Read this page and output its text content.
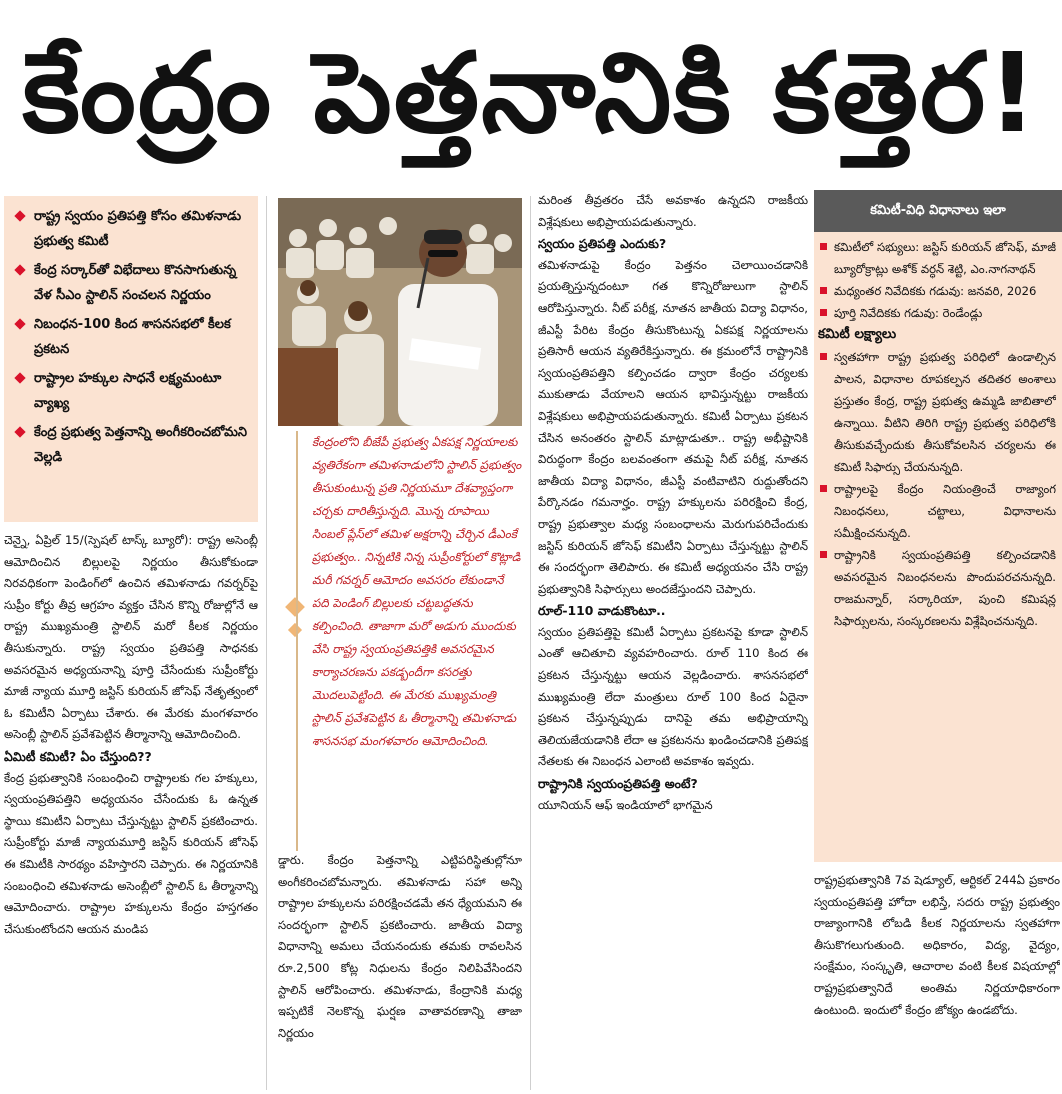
కేంద్రం పెత్తనానికి కత్తెర!
రాష్ట్ర స్వయం ప్రతిపత్తి కోసం తమిళనాడు ప్రభుత్వ కమిటీ
కేంద్ర సర్కార్‌తో విభేదాలు కొనసాగుతున్న వేళ సీఎం స్టాలిన్ సంచలన నిర్ణయం
నిబంధన-100 కింద శాసనసభలో కీలక ప్రకటన
రాష్ట్రాల హక్కుల సాధనే లక్ష్యమంటూ వ్యాఖ్య
కేంద్ర ప్రభుత్వ పెత్తనాన్ని అంగీకరించబోమని వెల్లడి

చెన్నై, ఏప్రిల్ 15/(స్పెషల్ టాస్క్ బ్యూరో): రాష్ట్ర అసెంబ్లీ ఆమోదించిన బిల్లులపై నిర్ణయం తీసుకోకుండా నిరవధికంగా పెండింగ్‌లో ఉంచిన తమిళనాడు గవర్నర్‌పై సుప్రీం కోర్టు తీవ్ర ఆగ్రహం వ్యక్తం చేసిన కొన్ని రోజుల్లోనే ఆ రాష్ట్ర ముఖ్యమంత్రి స్టాలిన్ మరో కీలక నిర్ణయం తీసుకున్నారు. రాష్ట్ర స్వయం ప్రతిపత్తి సాధనకు అవసరమైన అధ్యయనాన్ని పూర్తి చేసేందుకు సుప్రీంకోర్టు మాజీ న్యాయ మూర్తి జస్టిస్ కురియన్ జోసెఫ్ నేతృత్వంలో ఓ కమిటీని ఏర్పాటు చేశారు. ఈ మేరకు మంగళవారం అసెంబ్లీ స్టాలిన్ ప్రవేశపెట్టిన తీర్మానాన్ని ఆమోదించింది.

ఏమిటీ కమిటీ? ఏం చేస్తుంది??

కేంద్ర ప్రభుత్వానికి సంబంధించి రాష్ట్రాలకు గల హక్కులు, స్వయంప్రతిపత్తిని అధ్యయనం చేసేందుకు ఓ ఉన్నత స్థాయి కమిటీని ఏర్పాటు చేస్తున్నట్టు స్టాలిన్ ప్రకటించారు. సుప్రీంకోర్టు మాజీ న్యాయమూర్తి జస్టిస్ కురియన్ జోసెఫ్ ఈ కమిటీకి సారథ్యం వహిస్తారని చెప్పారు. ఈ నిర్ణయానికి సంబంధించి తమిళనాడు అసెంబ్లీలో స్టాలిన్ ఓ తీర్మానాన్ని ఆమోదించారు. రాష్ట్రాల హక్కులను కేంద్రం హస్తగతం చేసుకుంటోందని ఆయన మండిప

కేంద్రంలోని బీజేపీ ప్రభుత్వ ఏకపక్ష నిర్ణయాలకు వ్యతిరేకంగా తమిళనాడులోని స్టాలిన్ ప్రభుత్వం తీసుకుంటున్న ప్రతి నిర్ణయమూ దేశవ్యాప్తంగా చర్చకు దారితీస్తున్నది. మొన్న రూపాయి సింబల్ ప్లేస్‌లో తమిళ అక్షరాన్ని చేర్చిన డీఎంకే ప్రభుత్వం.. నిన్నటికి నిన్న సుప్రీంకోర్టులో కొట్లాడి మరీ గవర్నర్ ఆమోదం అవసరం లేకుండానే పది పెండింగ్ బిల్లులకు చట్టబద్ధతను కల్పించింది. తాజాగా మరో అడుగు ముందుకు వేసి రాష్ట్ర స్వయంప్రతిపత్తికి అవసరమైన కార్యాచరణను పకడ్బందీగా కసరత్తు మొదలుపెట్టింది. ఈ మేరకు ముఖ్యమంత్రి స్టాలిన్ ప్రవేశపెట్టిన ఓ తీర్మానాన్ని తమిళనాడు శాసనసభ మంగళవారం ఆమోదించింది.

డ్డారు. కేంద్రం పెత్తనాన్ని ఎట్టిపరిస్థితుల్లోనూ అంగీకరించబోమన్నారు. తమిళనాడు సహా అన్ని రాష్ట్రాల హక్కులను పరిరక్షించడమే తన ధ్యేయమని ఈ సందర్భంగా స్టాలిన్ ప్రకటించారు. జాతీయ విద్యా విధానాన్ని అమలు చేయనందుకు తమకు రావలసిన రూ.2,500 కోట్ల నిధులను కేంద్రం నిలిపివేసిందని స్టాలిన్ ఆరోపించారు. తమిళనాడు, కేంద్రానికి మధ్య ఇప్పటికే నెలకొన్న ఘర్షణ వాతావరణాన్ని తాజా నిర్ణయం

మరింత తీవ్రతరం చేసే అవకాశం ఉన్నదని రాజకీయ విశ్లేషకులు అభిప్రాయపడుతున్నారు.

స్వయం ప్రతిపత్తి ఎందుకు?

తమిళనాడుపై కేంద్రం పెత్తనం చెలాయించడానికి ప్రయత్నిస్తున్నదంటూ గత కొన్నిరోజులుగా స్టాలిన్ ఆరోపిస్తున్నారు. నీట్ పరీక్ష, నూతన జాతీయ విద్యా విధానం, జీఎస్టీ పేరిట కేంద్రం తీసుకొంటున్న ఏకపక్ష నిర్ణయాలను ప్రతిసారీ ఆయన వ్యతిరేకిస్తున్నారు. ఈ క్రమంలోనే రాష్ట్రానికి స్వయంప్రతిపత్తిని కల్పించడం ద్వారా కేంద్రం చర్యలకు ముకుతాడు వేయాలని ఆయన భావిస్తున్నట్టు రాజకీయ విశ్లేషకులు అభిప్రాయపడుతున్నారు. కమిటీ ఏర్పాటు ప్రకటన చేసిన అనంతరం స్టాలిన్ మాట్లాడుతూ.. రాష్ట్ర అభీష్టానికి విరుద్ధంగా కేంద్రం బలవంతంగా తమపై నీట్ పరీక్ష, నూతన జాతీయ విద్యా విధానం, జీఎస్టీ వంటివాటిని రుద్దుతోందని పేర్కొనడం గమనార్హం. రాష్ట్ర హక్కులను పరిరక్షించి కేంద్ర, రాష్ట్ర ప్రభుత్వాల మధ్య సంబంధాలను మెరుగుపరిచేందుకు జస్టిస్ కురియన్ జోసెఫ్ కమిటీని ఏర్పాటు చేస్తున్నట్టు స్టాలిన్ ఈ సందర్భంగా తెలిపారు. ఈ కమిటీ అధ్యయనం చేసి రాష్ట్ర ప్రభుత్వానికి సిఫార్సులు అందజేస్తుందని చెప్పారు.

రూల్-110 వాడుకొంటూ..

స్వయం ప్రతిపత్తిపై కమిటీ ఏర్పాటు ప్రకటనపై కూడా స్టాలిన్ ఎంతో ఆచితూచి వ్యవహరించారు. రూల్ 110 కింద ఈ ప్రకటన చేస్తున్నట్టు ఆయన వెల్లడించారు. శాసనసభలో ముఖ్యమంత్రి లేదా మంత్రులు రూల్ 100 కింద ఏదైనా ప్రకటన చేస్తున్నప్పుడు దానిపై తమ అభిప్రాయాన్ని తెలియజేయడానికి లేదా ఆ ప్రకటనను ఖండించడానికి ప్రతిపక్ష నేతలకు ఈ నిబంధన ఎలాంటి అవకాశం ఇవ్వదు.

రాష్ట్రానికి స్వయంప్రతిపత్తి అంటే?

యూనియన్ ఆఫ్ ఇండియాలో భాగమైన

కమిటీ-విధి విధానాలు ఇలా
కమిటీలో సభ్యులు: జస్టిస్ కురియన్ జోసెఫ్, మాజీ బ్యూరోక్రాట్లు అశోక్ వర్ధన్ శెట్టి, ఎం.నాగనాథన్
మధ్యంతర నివేదికకు గడువు: జనవరి, 2026
పూర్తి నివేదికకు గడువు: రెండేండ్లు

కమిటీ లక్ష్యాలు

స్వతహాగా రాష్ట్ర ప్రభుత్వ పరిధిలో ఉండాల్సిన పాలన, విధానాల రూపకల్పన తదితర అంశాలు ప్రస్తుతం కేంద్ర, రాష్ట్ర ప్రభుత్వ ఉమ్మడి జాబితాలో ఉన్నాయి. వీటిని తిరిగి రాష్ట్ర ప్రభుత్వ పరిధిలోకి తీసుకువచ్చేందుకు తీసుకోవలసిన చర్యలను ఈ కమిటీ సిఫార్సు చేయనున్నది.
రాష్ట్రాలపై కేంద్రం నియంత్రించే రాజ్యాంగ నిబంధనలు, చట్టాలు, విధానాలను సమీక్షించనున్నది.
రాష్ట్రానికి స్వయంప్రతిపత్తి కల్పించడానికి అవసరమైన నిబంధనలను పొందుపరచనున్నది. రాజమన్నార్, సర్కారియా, పుంచి కమిషన్ల సిఫార్సులను, సంస్కరణలను విశ్లేషించనున్నది.

రాష్ట్రప్రభుత్వానికి 7వ షెడ్యూల్, ఆర్టికల్ 244ఏ ప్రకారం స్వయంప్రతిపత్తి హోదా లభిస్తే, సదరు రాష్ట్ర ప్రభుత్వం రాజ్యాంగానికి లోబడి కీలక నిర్ణయాలను స్వతహాగా తీసుకొగలుగుతుంది. అధికారం, విద్య, వైద్యం, సంక్షేమం, సంస్కృతి, ఆచారాల వంటి కీలక విషయాల్లో రాష్ట్రప్రభుత్వానిదే అంతిమ నిర్ణయాధికారంగా ఉంటుంది. ఇందులో కేంద్రం జోక్యం ఉండబోదు.
